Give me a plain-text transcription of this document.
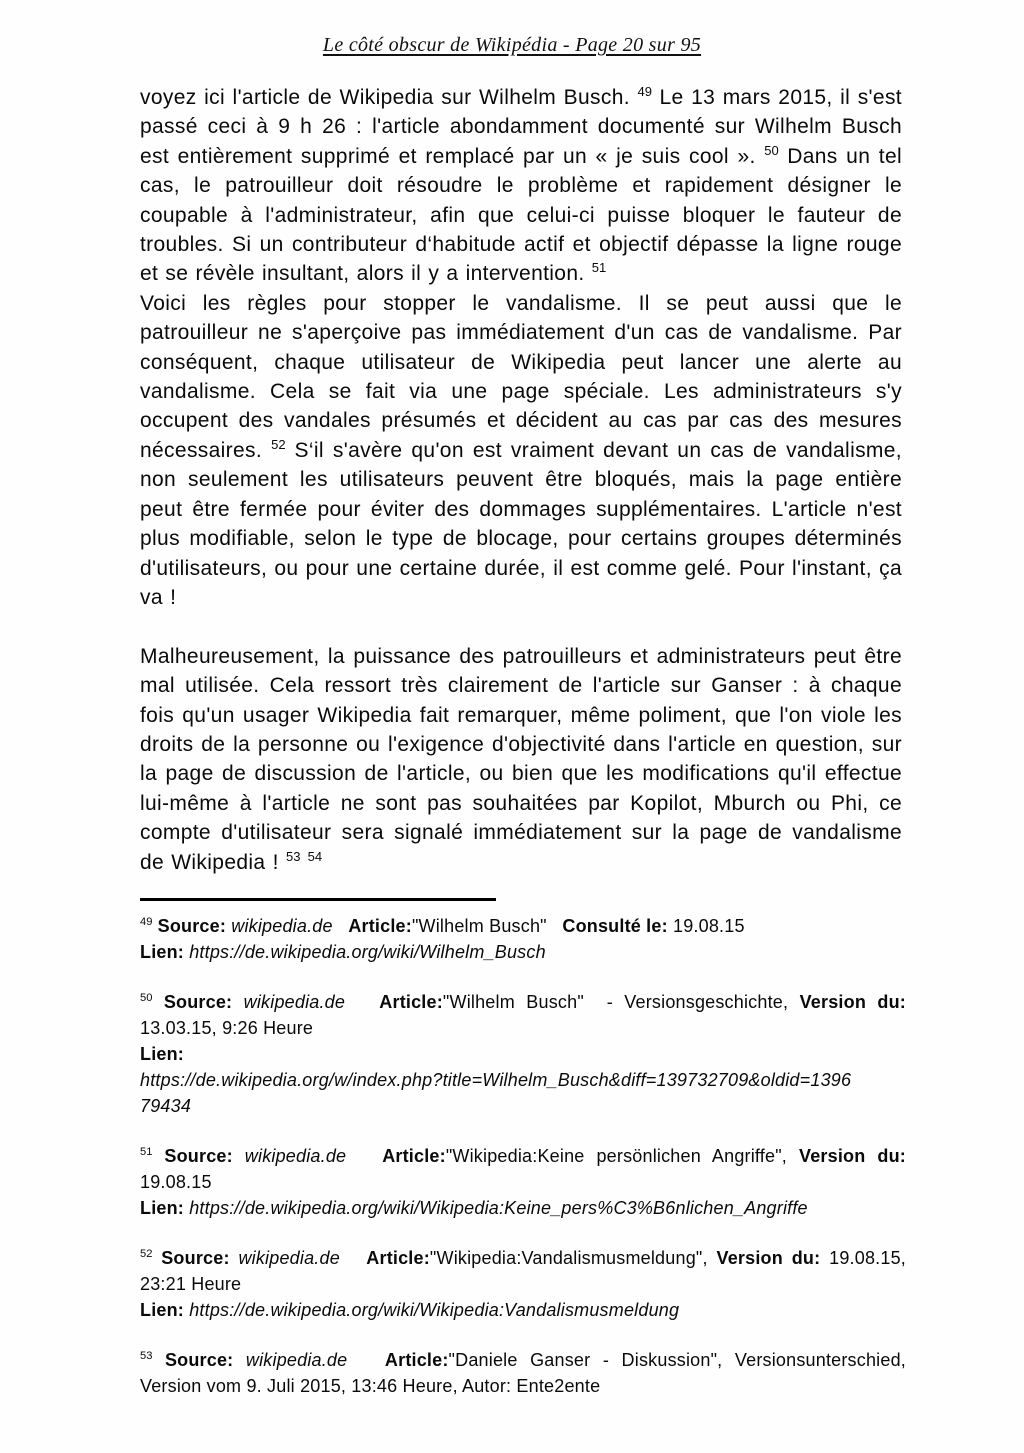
Le côté obscur de Wikipédia - Page 20 sur 95

voyez ici l'article de Wikipedia sur Wilhelm Busch. $^{49}$ Le 13 mars 2015, il s'est passé ceci à 9 h 26 : l'article abondamment documenté sur Wilhelm Busch est entièrement supprimé et remplacé par un « je suis cool ». $^{50}$ Dans un tel cas, le patrouilleur doit résoudre le problème et rapidement désigner le coupable à l'administrateur, afin que celui-ci puisse bloquer le fauteur de troubles. Si un contributeur d‘habitude actif et objectif dépasse la ligne rouge et se révèle insultant, alors il y a intervention. $^{51}$

Voici les règles pour stopper le vandalisme. Il se peut aussi que le patrouilleur ne s'aperçoive pas immédiatement d'un cas de vandalisme. Par conséquent, chaque utilisateur de Wikipedia peut lancer une alerte au vandalisme. Cela se fait via une page spéciale. Les administrateurs s'y occupent des vandales présumés et décident au cas par cas des mesures nécessaires. $^{52}$ S‘il s'avère qu'on est vraiment devant un cas de vandalisme, non seulement les utilisateurs peuvent être bloqués, mais la page entière peut être fermée pour éviter des dommages supplémentaires. L'article n'est plus modifiable, selon le type de blocage, pour certains groupes déterminés d'utilisateurs, ou pour une certaine durée, il est comme gelé. Pour l'instant, ça va !

Malheureusement, la puissance des patrouilleurs et administrateurs peut être mal utilisée. Cela ressort très clairement de l'article sur Ganser : à chaque fois qu'un usager Wikipedia fait remarquer, même poliment, que l'on viole les droits de la personne ou l'exigence d'objectivité dans l'article en question, sur la page de discussion de l'article, ou bien que les modifications qu'il effectue lui-même à l'article ne sont pas souhaitées par Kopilot, Mburch ou Phi, ce compte d'utilisateur sera signalé immédiatement sur la page de vandalisme de Wikipedia ! $^{53}$ $^{54}$

$^{49}$ Source: wikipedia.de Article:"Wilhelm Busch"   Consulté le: 19.08.15
Lien: https://de.wikipedia.org/wiki/Wilhelm_Busch
$^{50}$ Source: wikipedia.de Article:"Wilhelm Busch"  - Versionsgeschichte, Version du: 13.03.15, 9:26 Heure
Lien:
https://de.wikipedia.org/w/index.php?title=Wilhelm_Busch&diff=139732709&oldid=1396
79434
$^{51}$ Source: wikipedia.de Article:"Wikipedia:Keine persönlichen Angriffe", Version du: 19.08.15
Lien: https://de.wikipedia.org/wiki/Wikipedia:Keine_pers%C3%B6nlichen_Angriffe
$^{52}$ Source: wikipedia.de Article:"Wikipedia:Vandalismusmeldung", Version du: 19.08.15, 23:21 Heure
Lien: https://de.wikipedia.org/wiki/Wikipedia:Vandalismusmeldung
$^{53}$ Source: wikipedia.de Article:"Daniele Ganser - Diskussion", Versionsunterschied, Version vom 9. Juli 2015, 13:46 Heure, Autor: Ente2ente
